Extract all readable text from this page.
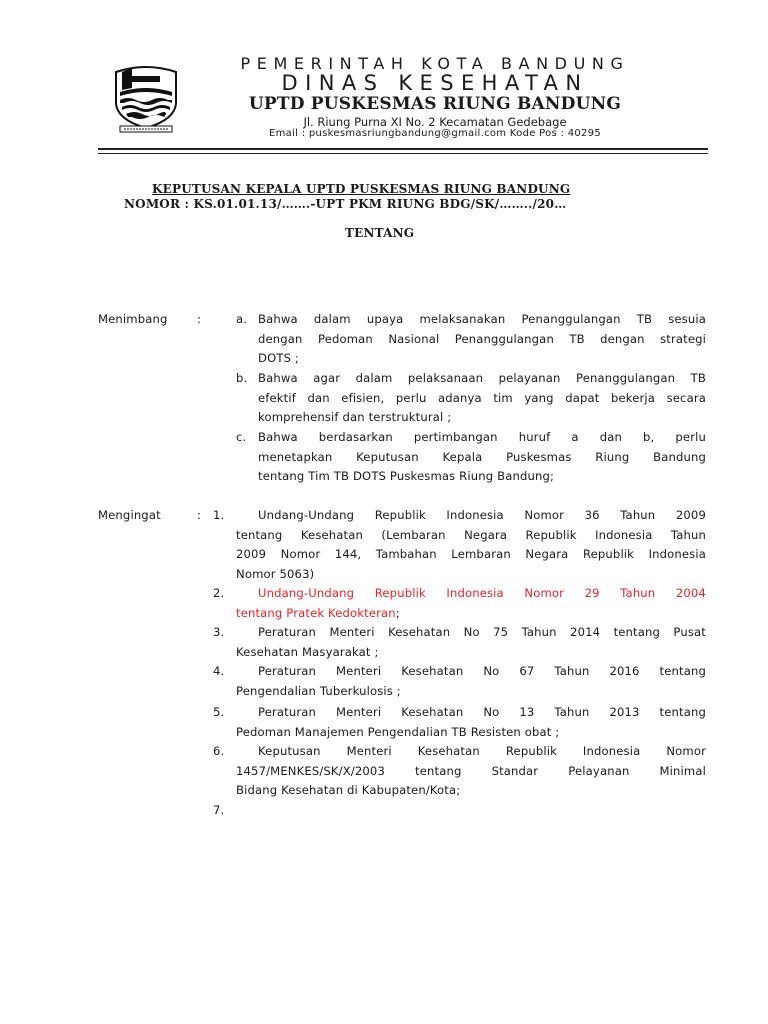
PEMERINTAH KOTA BANDUNG
DINAS KESEHATAN
UPTD PUSKESMAS RIUNG BANDUNG
Jl. Riung Purna XI No. 2 Kecamatan Gedebage
Email : puskesmasriungbandung@gmail.com Kode Pos : 40295
KEPUTUSAN KEPALA UPTD PUSKESMAS RIUNG BANDUNG
NOMOR : KS.01.01.13/…….-UPT PKM RIUNG BDG/SK/……../20…
TENTANG
Menimbang	:	a. Bahwa dalam upaya melaksanakan Penanggulangan TB sesuia
dengan Pedoman Nasional Penanggulangan TB dengan strategi
DOTS ;
b. Bahwa agar dalam pelaksanaan pelayanan Penanggulangan TB
efektif dan efisien, perlu adanya tim yang dapat bekerja secara
komprehensif dan terstruktural ;
c. Bahwa berdasarkan pertimbangan huruf a dan b, perlu
menetapkan Keputusan Kepala Puskesmas Riung Bandung
tentang Tim TB DOTS Puskesmas Riung Bandung;
Mengingat	: 1.	Undang-Undang Republik Indonesia Nomor 36 Tahun 2009
tentang Kesehatan (Lembaran Negara Republik Indonesia Tahun
2009 Nomor 144, Tambahan Lembaran Negara Republik Indonesia
Nomor 5063)
2.	Undang-Undang Republik Indonesia Nomor 29 Tahun 2004
tentang Pratek Kedokteran;
3.	Peraturan Menteri Kesehatan No 75 Tahun 2014 tentang Pusat
Kesehatan Masyarakat ;
4.	Peraturan Menteri Kesehatan No 67 Tahun 2016 tentang
Pengendalian Tuberkulosis ;
5.	Peraturan Menteri Kesehatan No 13 Tahun 2013 tentang
Pedoman Manajemen Pengendalian TB Resisten obat ;
6.	Keputusan Menteri Kesehatan Republik Indonesia Nomor
1457/MENKES/SK/X/2003 tentang Standar Pelayanan Minimal
Bidang Kesehatan di Kabupaten/Kota;
7.
